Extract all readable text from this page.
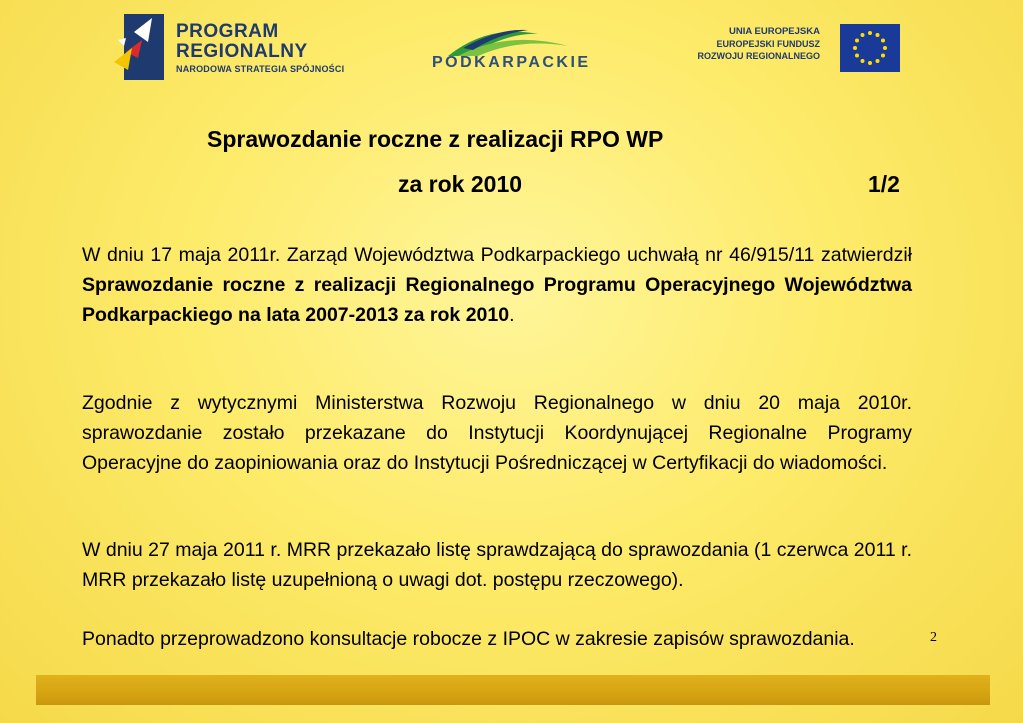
PROGRAM
REGIONALNY
NARODOWA STRATEGIA SPÓJNOŚCI	PODKARPACKIE
UNIA EUROPEJSKA
EUROPEJSKI FUNDUSZ
ROZWOJU REGIONALNEGO
Sprawozdanie roczne z realizacji RPO WP
za rok 2010	1/2
W dniu 17 maja 2011r. Zarząd Województwa Podkarpackiego uchwałą nr 46/915/11 zatwierdził Sprawozdanie roczne z realizacji Regionalnego Programu Operacyjnego Województwa Podkarpackiego na lata 2007-2013 za rok 2010.
Zgodnie z wytycznymi Ministerstwa Rozwoju Regionalnego w dniu 20 maja 2010r. sprawozdanie zostało przekazane do Instytucji Koordynującej Regionalne Programy Operacyjne do zaopiniowania oraz do Instytucji Pośredniczącej w Certyfikacji do wiadomości.
W dniu 27 maja 2011 r. MRR przekazało listę sprawdzającą do sprawozdania (1 czerwca 2011 r. MRR przekazało listę uzupełnioną o uwagi dot. postępu rzeczowego).
Ponadto przeprowadzono konsultacje robocze z IPOC w zakresie zapisów sprawozdania.	2
